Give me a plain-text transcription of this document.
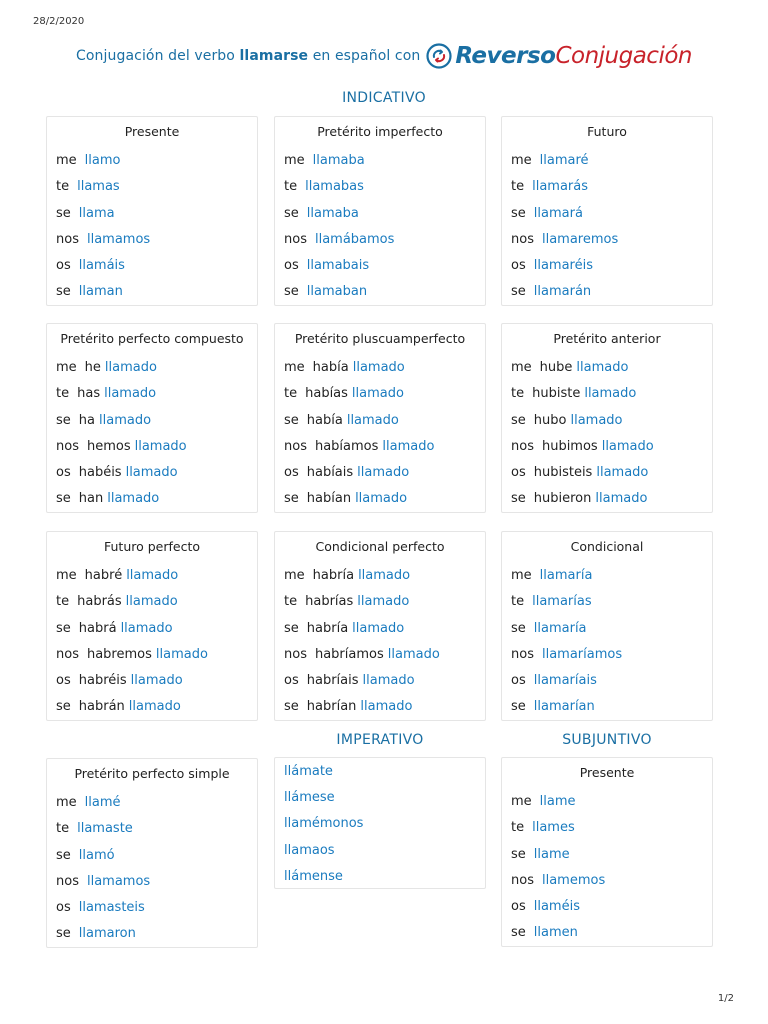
28/2/2020
Conjugación del verbo llamarse en español con Reverso Conjugación
INDICATIVO
IMPERATIVO	SUBJUNTIVO
Presente
me llamo
te llamas
se llama
nos llamamos
os llamáis
se llaman
Pretérito imperfecto
me llamaba
te llamabas
se llamaba
nos llamábamos
os llamabais
se llamaban
Futuro
me llamaré
te llamarás
se llamará
nos llamaremos
os llamaréis
se llamarán
Pretérito perfecto compuesto
me he llamado
te has llamado
se ha llamado
nos hemos llamado
os habéis llamado
se han llamado
Pretérito pluscuamperfecto
me había llamado
te habías llamado
se había llamado
nos habíamos llamado
os habíais llamado
se habían llamado
Pretérito anterior
me hube llamado
te hubiste llamado
se hubo llamado
nos hubimos llamado
os hubisteis llamado
se hubieron llamado
Futuro perfecto
me habré llamado
te habrás llamado
se habrá llamado
nos habremos llamado
os habréis llamado
se habrán llamado
Condicional perfecto
me habría llamado
te habrías llamado
se habría llamado
nos habríamos llamado
os habríais llamado
se habrían llamado
Condicional
me llamaría
te llamarías
se llamaría
nos llamaríamos
os llamaríais
se llamarían
Pretérito perfecto simple
me llamé
te llamaste
se llamó
nos llamamos
os llamasteis
se llamaron
Presente
me llame
te llames
se llame
nos llamemos
os llaméis
se llamen
llámate
llámese
llamémonos
llamaos
llámense
1/2
